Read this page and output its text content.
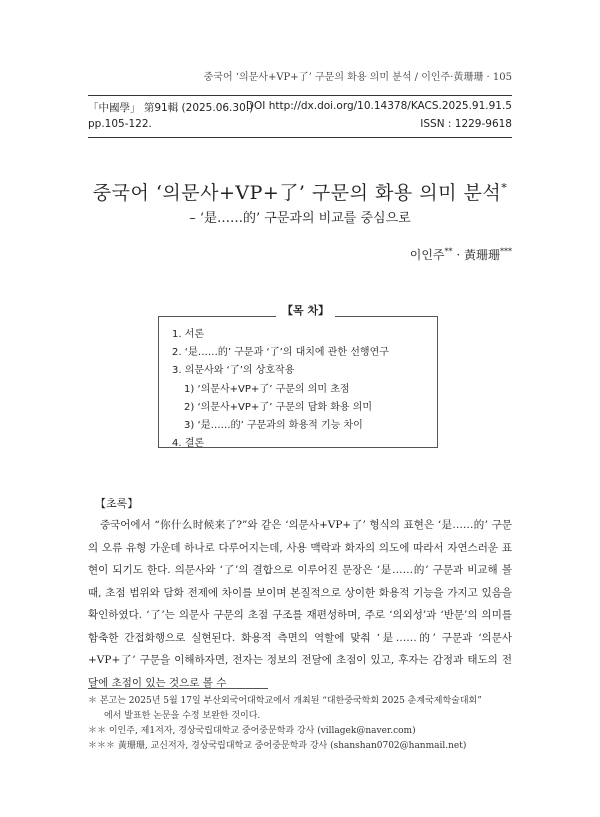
중국어 ‘의문사+VP+了’ 구문의 화용 의미 분석 / 이인주·黃珊珊 · 105
「中國學」 第91輯 (2025.06.30.)
DOI http://dx.doi.org/10.14378/KACS.2025.91.91.5
pp.105-122.	ISSN : 1229-9618
중국어 ‘의문사+VP+了’ 구문의 화용 의미 분석*
– ‘是……的’ 구문과의 비교를 중심으로
이인주** · 黃珊珊***
【목 차】
1. 서론
2. ‘是……的’ 구문과 ‘了’의 대치에 관한 선행연구
3. 의문사와 ‘了’의 상호작용
1) ‘의문사+VP+了’ 구문의 의미 초점
2) ‘의문사+VP+了’ 구문의 담화 화용 의미
3) ‘是……的’ 구문과의 화용적 기능 차이
4. 결론
【초록】

중국어에서 “你什么时候来了?”와 같은 ‘의문사+VP+了’ 형식의 표현은 ‘是……的’ 구문의 오류 유형 가운데 하나로 다루어지는데, 사용 맥락과 화자의 의도에 따라서 자연스러운 표현이 되기도 한다. 의문사와 ‘了’의 결합으로 이루어진 문장은 ‘是……的’ 구문과 비교해 볼 때, 초점 범위와 담화 전제에 차이를 보이며 본질적으로 상이한 화용적 기능을 가지고 있음을 확인하였다. ‘了’는 의문사 구문의 초점 구조를 재편성하며, 주로 ‘의외성’과 ‘반문’의 의미를 함축한 간접화행으로 실현된다. 화용적 측면의 역할에 맞춰 ‘是……的’ 구문과 ‘의문사+VP+了’ 구문을 이해하자면, 전자는 정보의 전달에 초점이 있고, 후자는 감정과 태도의 전달에 초점이 있는 것으로 볼 수

＊ 본고는 2025년 5월 17일 부산외국어대학교에서 개최된 “대한중국학회 2025 춘계국제학술대회”
에서 발표한 논문을 수정 보완한 것이다.
＊＊ 이인주, 제1저자, 경상국립대학교 중어중문학과 강사 (villagek@naver.com)
＊＊＊ 黃珊珊, 교신저자, 경상국립대학교 중어중문학과 강사 (shanshan0702@hanmail.net)
